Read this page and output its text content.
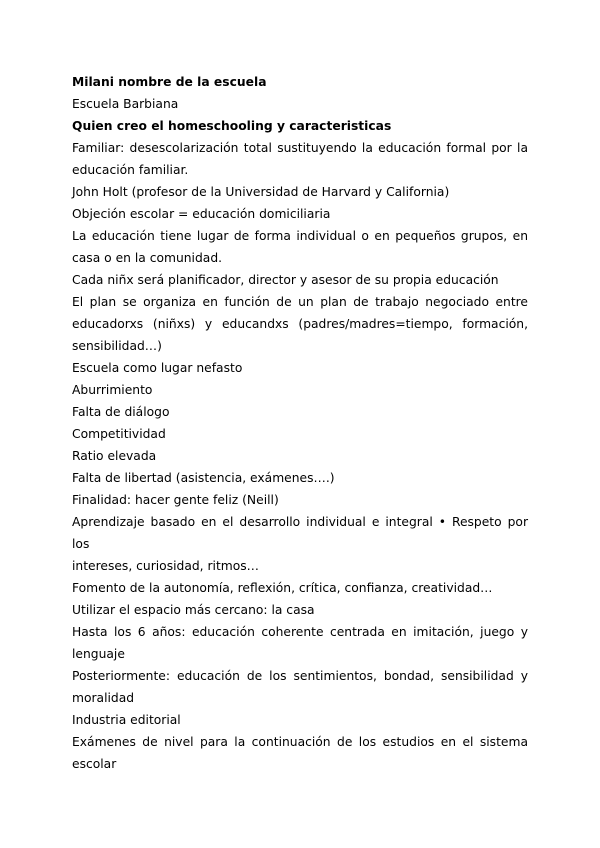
Milani nombre de la escuela
Escuela Barbiana
Quien creo el homeschooling y caracteristicas
Familiar: desescolarización total sustituyendo la educación formal por la
educación familiar.
John Holt (profesor de la Universidad de Harvard y California)
Objeción escolar = educación domiciliaria
La educación tiene lugar de forma individual o en pequeños grupos, en
casa o en la comunidad.
Cada niñx será planificador, director y asesor de su propia educación
El plan se organiza en función de un plan de trabajo negociado entre
educadorxs (niñxs) y educandxs (padres/madres=tiempo, formación,
sensibilidad…)
Escuela como lugar nefasto
Aburrimiento
Falta de diálogo
Competitividad
Ratio elevada
Falta de libertad (asistencia, exámenes….)
Finalidad: hacer gente feliz (Neill)
Aprendizaje basado en el desarrollo individual e integral • Respeto por los
intereses, curiosidad, ritmos…
Fomento de la autonomía, reflexión, crítica, confianza, creatividad…
Utilizar el espacio más cercano: la casa
Hasta los 6 años: educación coherente centrada en imitación, juego y
lenguaje
Posteriormente: educación de los sentimientos, bondad, sensibilidad y
moralidad
Industria editorial
Exámenes de nivel para la continuación de los estudios en el sistema
escolar
